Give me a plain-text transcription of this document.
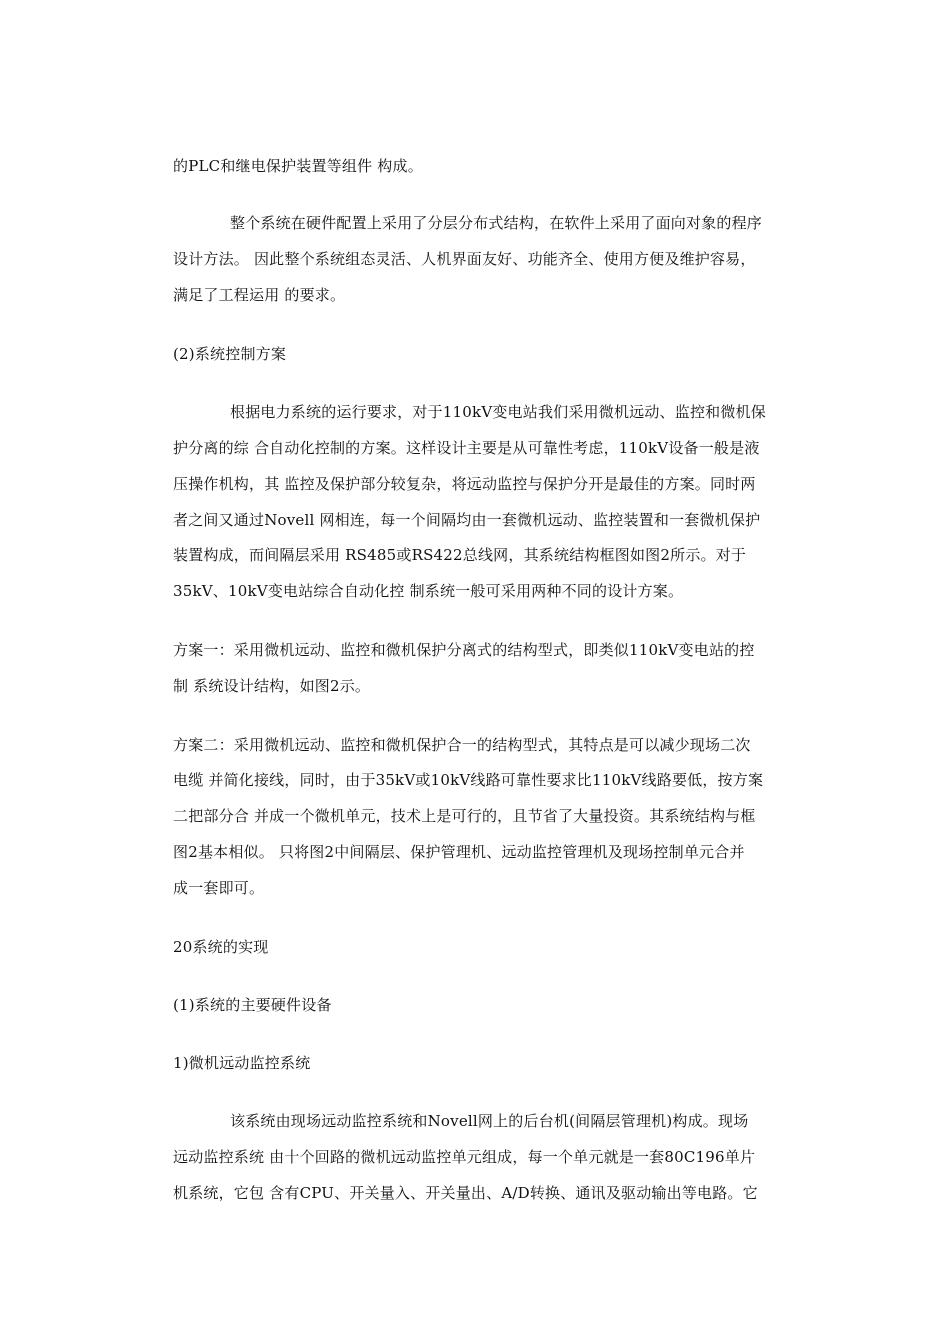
的PLC和继电保护装置等组件 构成。
整个系统在硬件配置上采用了分层分布式结构，在软件上采用了面向对象的程序
设计方法。 因此整个系统组态灵活、人机界面友好、功能齐全、使用方便及维护容易，
满足了工程运用 的要求。
(2)系统控制方案
根据电力系统的运行要求，对于110kV变电站我们采用微机远动、监控和微机保
护分离的综 合自动化控制的方案。这样设计主要是从可靠性考虑，110kV设备一般是液
压操作机构，其 监控及保护部分较复杂，将远动监控与保护分开是最佳的方案。同时两
者之间又通过Novell 网相连，每一个间隔均由一套微机远动、监控装置和一套微机保护
装置构成，而间隔层采用 RS485或RS422总线网，其系统结构框图如图2所示。对于
35kV、10kV变电站综合自动化控 制系统一般可采用两种不同的设计方案。
方案一：采用微机远动、监控和微机保护分离式的结构型式，即类似110kV变电站的控
制 系统设计结构，如图2示。
方案二：采用微机远动、监控和微机保护合一的结构型式，其特点是可以减少现场二次
电缆 并简化接线，同时，由于35kV或10kV线路可靠性要求比110kV线路要低，按方案
二把部分合 并成一个微机单元，技术上是可行的，且节省了大量投资。其系统结构与框
图2基本相似。 只将图2中间隔层、保护管理机、远动监控管理机及现场控制单元合并
成一套即可。
20系统的实现
(1)系统的主要硬件设备
1)微机远动监控系统
该系统由现场远动监控系统和Novell网上的后台机(间隔层管理机)构成。现场
远动监控系统 由十个回路的微机远动监控单元组成，每一个单元就是一套80C196单片
机系统，它包 含有CPU、开关量入、开关量出、A/D转换、通讯及驱动输出等电路。它
